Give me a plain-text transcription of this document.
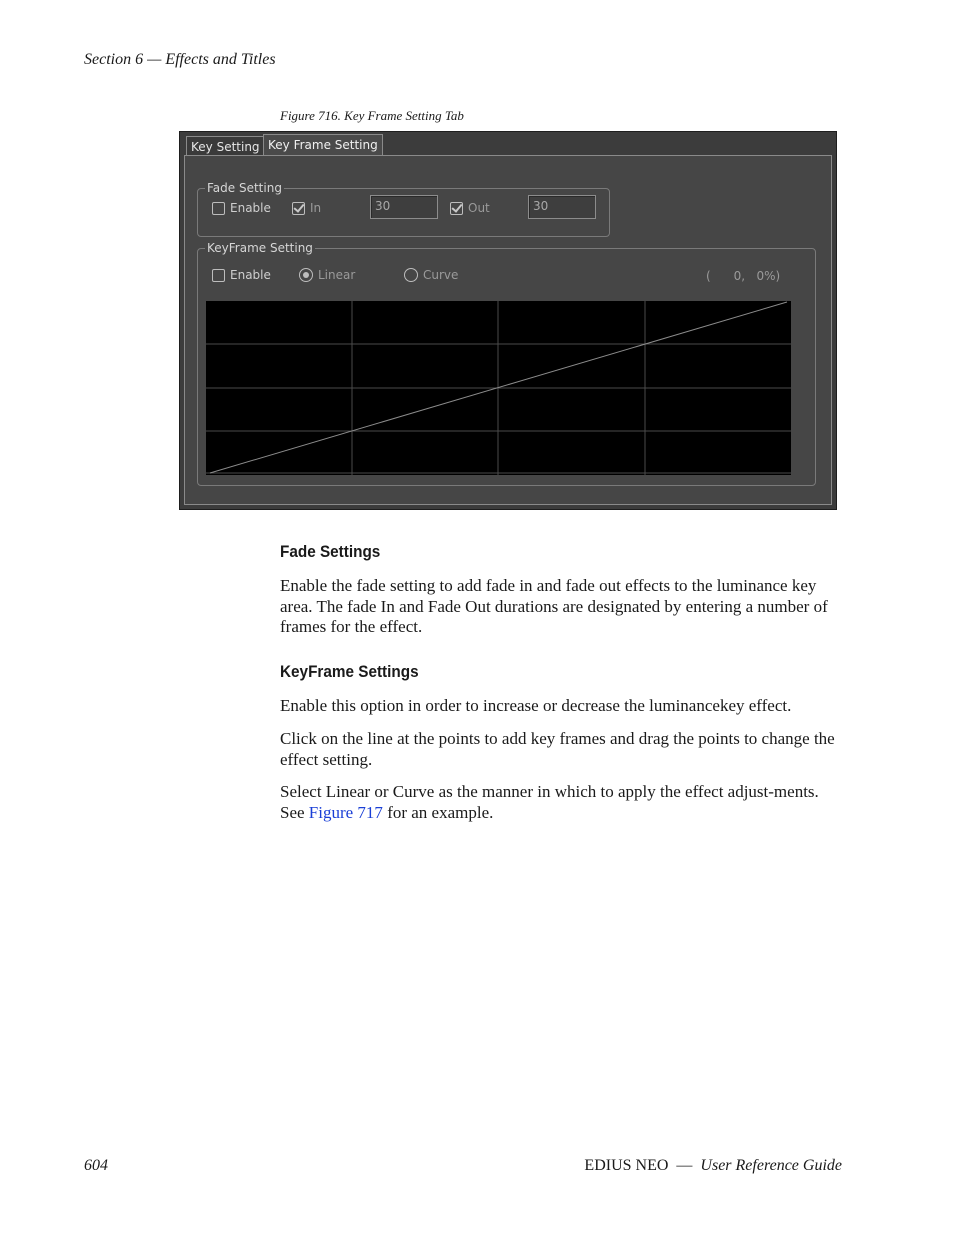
Section 6 — Effects and Titles
Figure 716. Key Frame Setting Tab
Key Setting Key Frame Setting
Fade Setting
Enable	In	30	Out	30
KeyFrame Setting
Enable	Linear	Curve	(      0,   0%)
Fade Settings

Enable the fade setting to add fade in and fade out effects to the luminance key area. The fade In and Fade Out durations are designated by entering a number of frames for the effect.

KeyFrame Settings

Enable this option in order to increase or decrease the luminancekey effect.

Click on the line at the points to add key frames and drag the points to change the effect setting.

Select Linear or Curve as the manner in which to apply the effect adjust-ments. See Figure 717 for an example.

604	EDIUS NEO — User Reference Guide
